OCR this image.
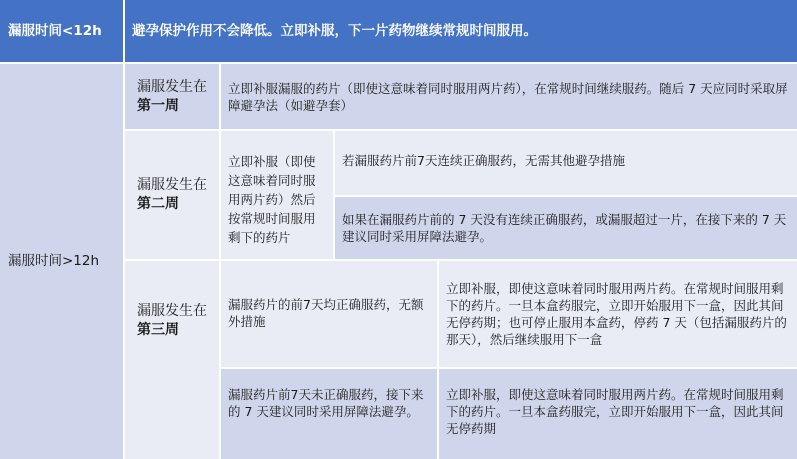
漏服时间<12h 避孕保护作用不会降低。立即补服，下一片药物继续常规时间服用。
漏服时间>12h
漏服发生在第一周
立即补服漏服的药片（即使这意味着同时服用两片药），在常规时间继续服药。随后 7 天应同时采取屏障避孕法（如避孕套）
漏服发生在第二周
立即补服（即使这意味着同时服用两片药）然后按常规时间服用剩下的药片
若漏服药片前7天连续正确服药，无需其他避孕措施
如果在漏服药片前的 7 天没有连续正确服药，或漏服超过一片，在接下来的 7 天建议同时采用屏障法避孕。
漏服发生在第三周
漏服药片的前7天均正确服药，无额外措施
立即补服，即使这意味着同时服用两片药。在常规时间服用剩下的药片。一旦本盒药服完，立即开始服用下一盒，因此其间无停药期；也可停止服用本盒药，停药 7 天（包括漏服药片的那天），然后继续服用下一盒
漏服药片前7天未正确服药，接下来的 7 天建议同时采用屏障法避孕。
立即补服，即使这意味着同时服用两片药。在常规时间服用剩下的药片。一旦本盒药服完，立即开始服用下一盒，因此其间无停药期
